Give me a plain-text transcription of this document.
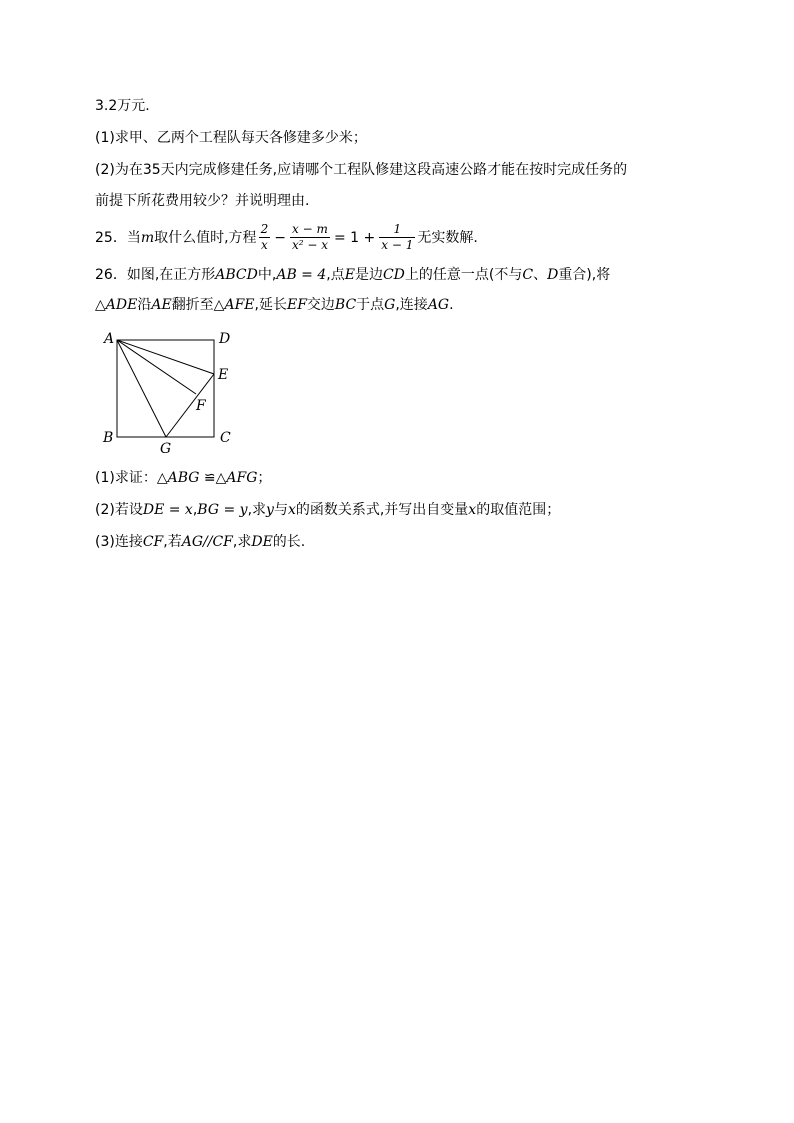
3.2万元.
(1)求甲、乙两个工程队每天各修建多少米；
(2)为在35天内完成修建任务,应请哪个工程队修建这段高速公路才能在按时完成任务的
前提下所花费用较少？并说明理由.
25．当 m 取什么值时,方程 $\frac{2}{x} - \frac{x - m}{\text{x² − x}} = 1 + \frac{1}{x - 1}$ 无实数解.
26．如图,在正方形ABCD中,AB = 4,点E是边CD上的任意一点(不与C、D重合),将
△ADE沿AE翻折至△AFE,延长EF交边BC于点G,连接AG.
A	D
E
F
B	C
G
(1)求证：△ABG ≌△AFG；
(2)若设DE = x,BG = y,求y与x的函数关系式,并写出自变量x的取值范围；
(3)连接CF,若AG//CF,求DE的长.
